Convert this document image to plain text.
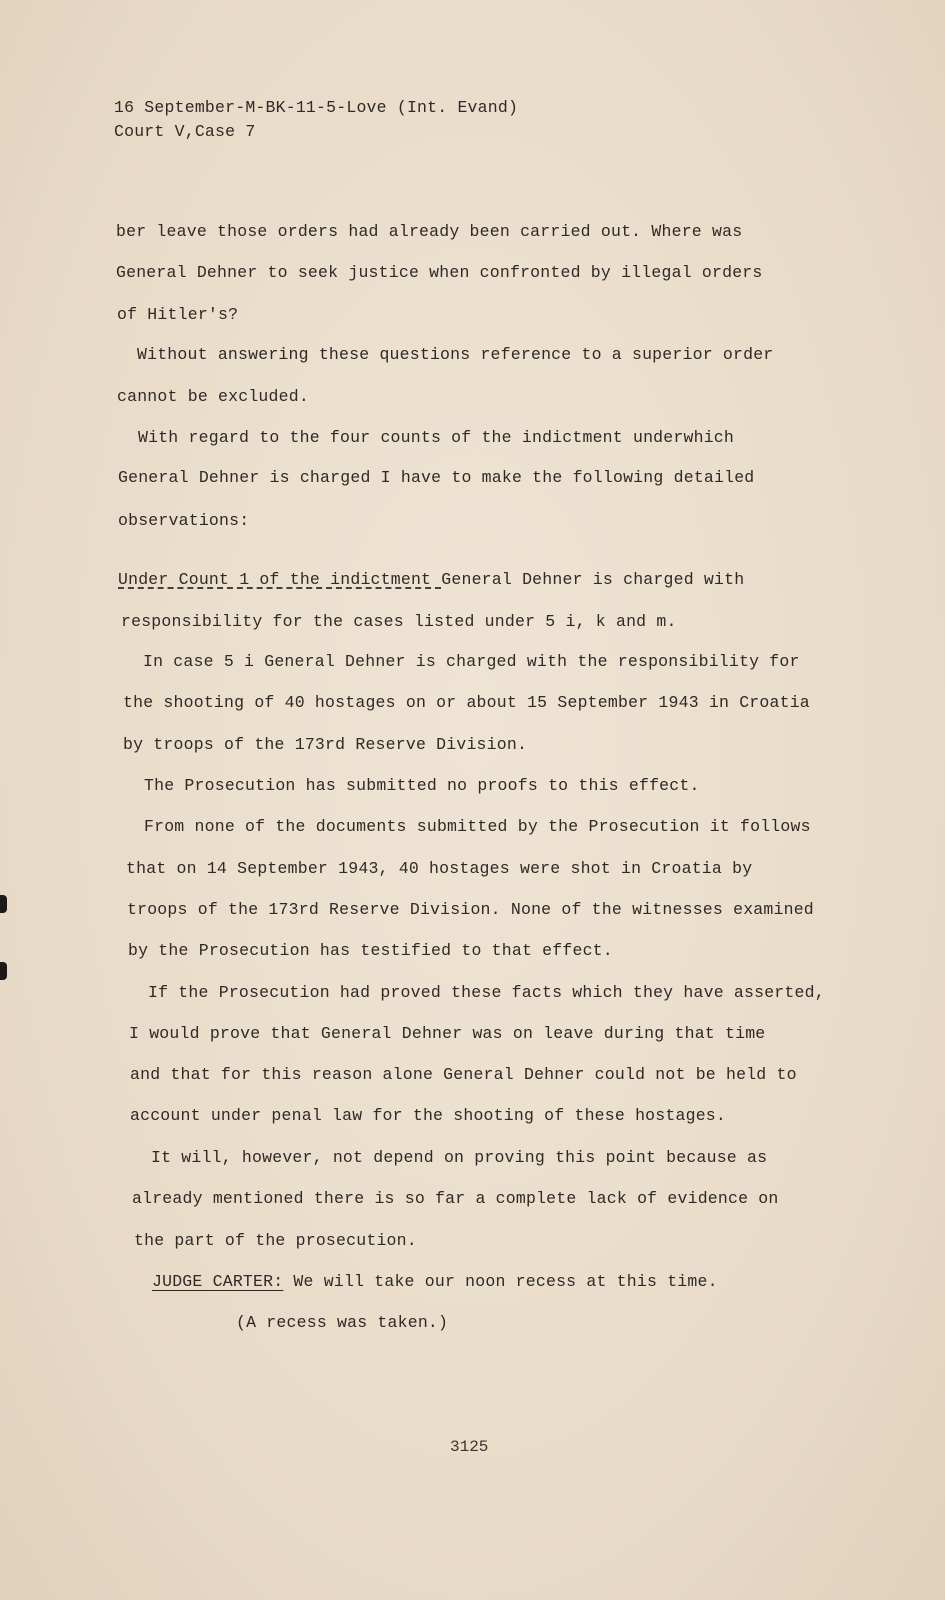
16 September-M-BK-11-5-Love (Int. Evand)
Court V,Case 7
ber leave those orders had already been carried out. Where was
General Dehner to seek justice when confronted by illegal orders
of Hitler's?
Without answering these questions reference to a superior order
cannot be excluded.
With regard to the four counts of the indictment underwhich
General Dehner is charged I have to make the following detailed
observations:
Under Count 1 of the indictment General Dehner is charged with
responsibility for the cases listed under 5 i, k and m.
In case 5 i General Dehner is charged with the responsibility for
the shooting of 40 hostages on or about 15 September 1943 in Croatia
by troops of the 173rd Reserve Division.
The Prosecution has submitted no proofs to this effect.
From none of the documents submitted by the Prosecution it follows
that on 14 September 1943, 40 hostages were shot in Croatia by
troops of the 173rd Reserve Division. None of the witnesses examined
by the Prosecution has testified to that effect.
If the Prosecution had proved these facts which they have asserted,
I would prove that General Dehner was on leave during that time
and that for this reason alone General Dehner could not be held to
account under penal law for the shooting of these hostages.
It will, however, not depend on proving this point because as
already mentioned there is so far a complete lack of evidence on
the part of the prosecution.
JUDGE CARTER: We will take our noon recess at this time.
(A recess was taken.)
3125
